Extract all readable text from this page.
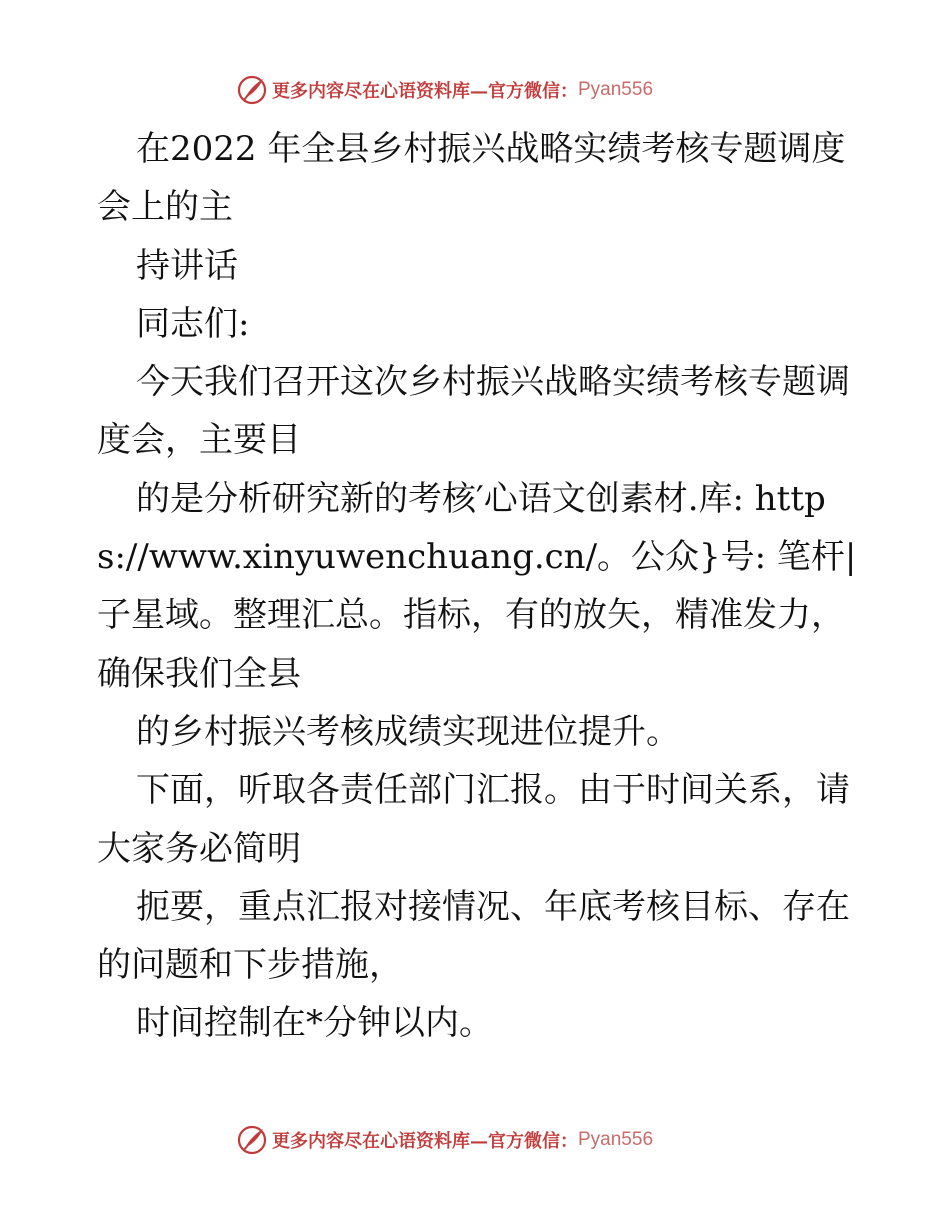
更多内容尽在心语资料库—官方微信： Pyan556

在2022 年全县乡村振兴战略实绩考核专题调度会上的主

持讲话

同志们:

今天我们召开这次乡村振兴战略实绩考核专题调度会，主要目

的是分析研究新的考核′心语文创素材.库: https://www.xinyuwenchuang.cn/。公众}号: 笔杆|子星域。整理汇总。指标，有的放矢，精准发力，确保我们全县

的乡村振兴考核成绩实现进位提升。

下面，听取各责任部门汇报。由于时间关系，请大家务必简明

扼要，重点汇报对接情况、年底考核目标、存在的问题和下步措施，

时间控制在*分钟以内。

更多内容尽在心语资料库—官方微信： Pyan556
